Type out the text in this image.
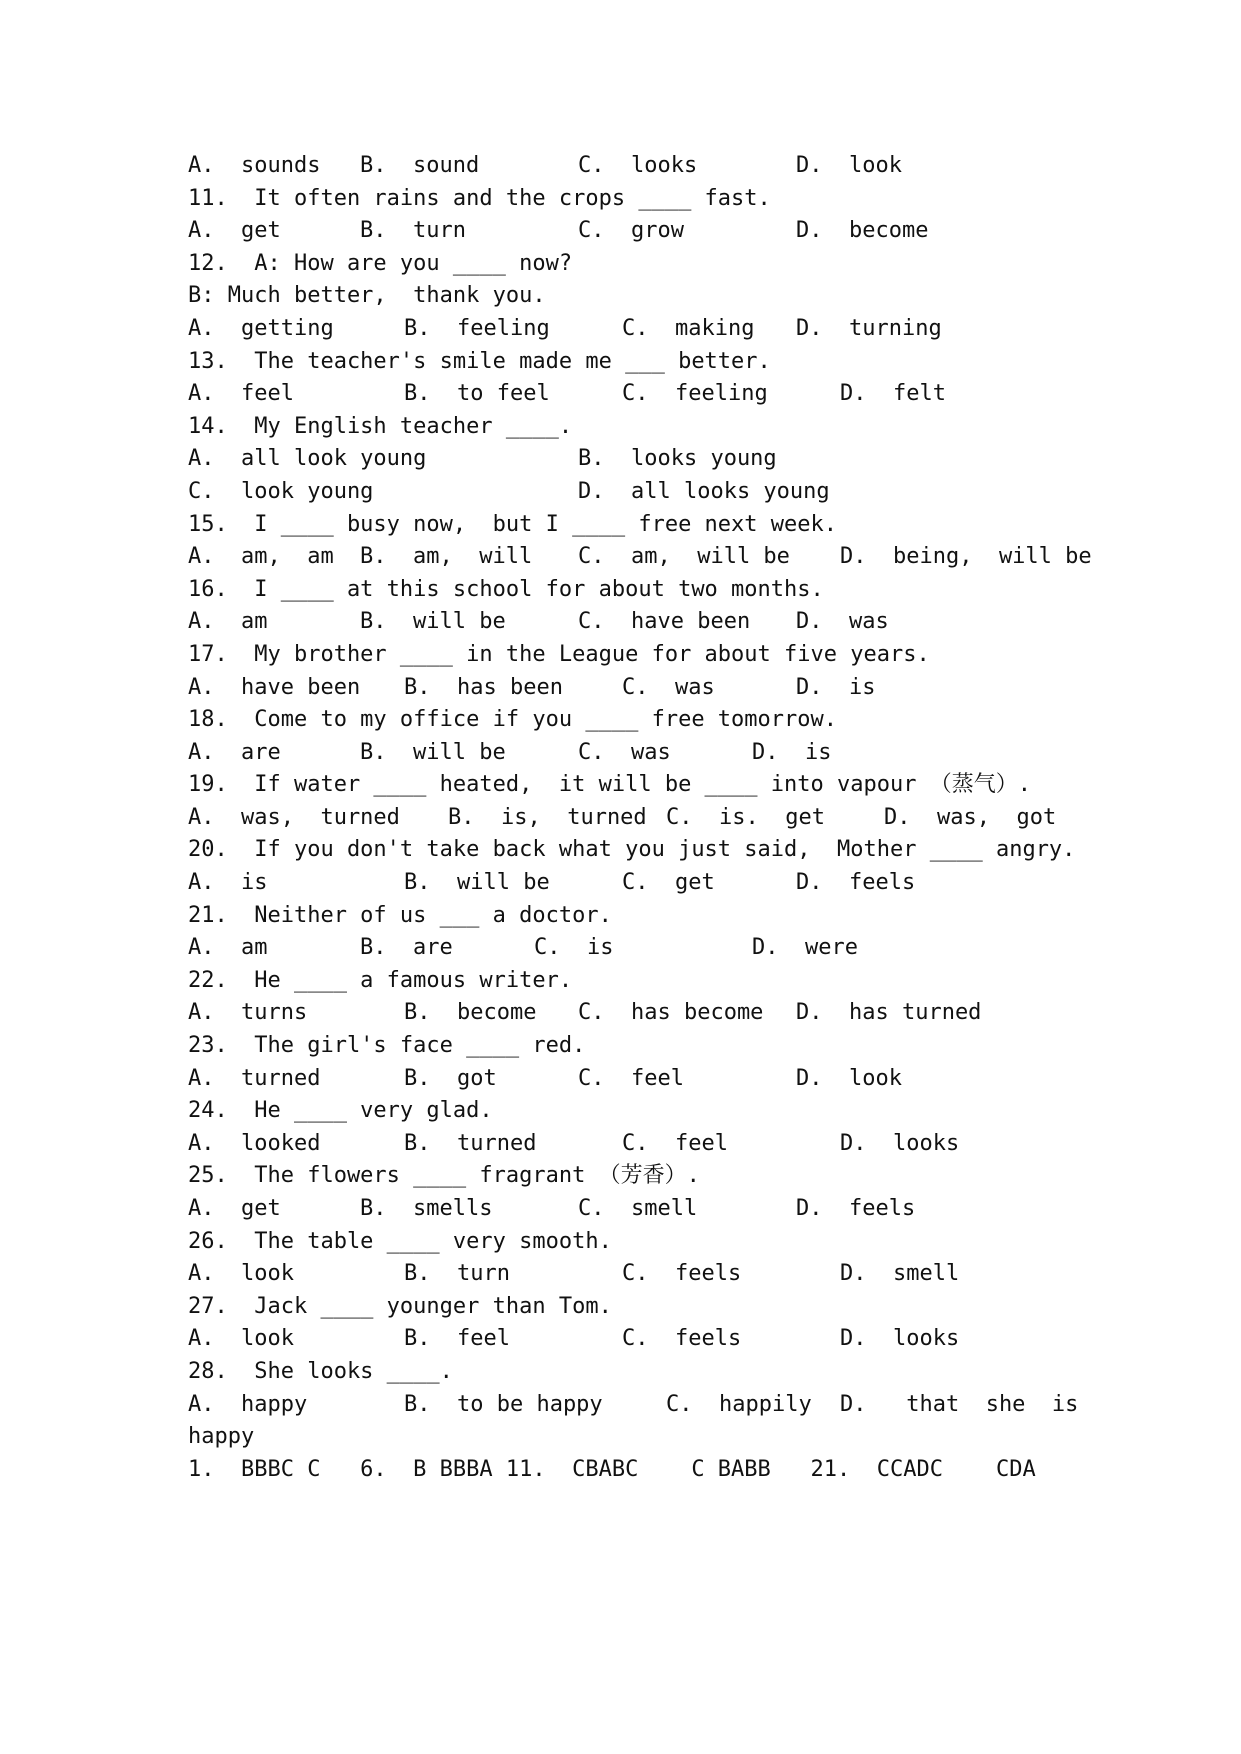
A.  sounds B.  sound	C.  looks	D.  look
11.  It often rains and the crops ____ fast.
A.  get	B.  turn	C.  grow	D.  become
12.  A: How are you ____ now?
B: Much better,  thank you.
A.  getting	B.  feeling	C.  making D.  turning
13.  The teacher's smile made me ___ better.
A.  feel	B.  to feel	C.  feeling	D.  felt
14.  My English teacher ____.
A.  all look young	B.  looks young
C.  look young	D.  all looks young
15.  I ____ busy now,  but I ____ free next week.
A.  am,  am B.  am,  will C.  am,  will be D.  being,  will be
16.  I ____ at this school for about two months.
A.  am	B.  will be	C.  have been D.  was
17.  My brother ____ in the League for about five years.
A.  have been B.  has been	C.  was	D.  is
18.  Come to my office if you ____ free tomorrow.
A.  are	B.  will be	C.  was	D.  is
19.  If water ____ heated,  it will be ____ into vapour （蒸气）.
A.  was,  turned B.  is,  turned C.  is.  get	D.  was,  got
20.  If you don't take back what you just said,  Mother ____ angry.
A.  is	B.  will be	C.  get	D.  feels
21.  Neither of us ___ a doctor.
A.  am	B.  are	C.  is	D.  were
22.  He ____ a famous writer.
A.  turns	B.  become C.  has become D.  has turned
23.  The girl's face ____ red.
A.  turned	B.  got	C.  feel	D.  look
24.  He ____ very glad.
A.  looked	B.  turned	C.  feel	D.  looks
25.  The flowers ____ fragrant （芳香）.
A.  get	B.  smells	C.  smell	D.  feels
26.  The table ____ very smooth.
A.  look	B.  turn	C.  feels	D.  smell
27.  Jack ____ younger than Tom.
A.  look	B.  feel	C.  feels	D.  looks
28.  She looks ____.
A.  happy	B.  to be happy	C.  happily D.   that  she  is
happy
1.  BBBC C   6.  B BBBA 11.  CBABC    C BABB   21.  CCADC    CDA
